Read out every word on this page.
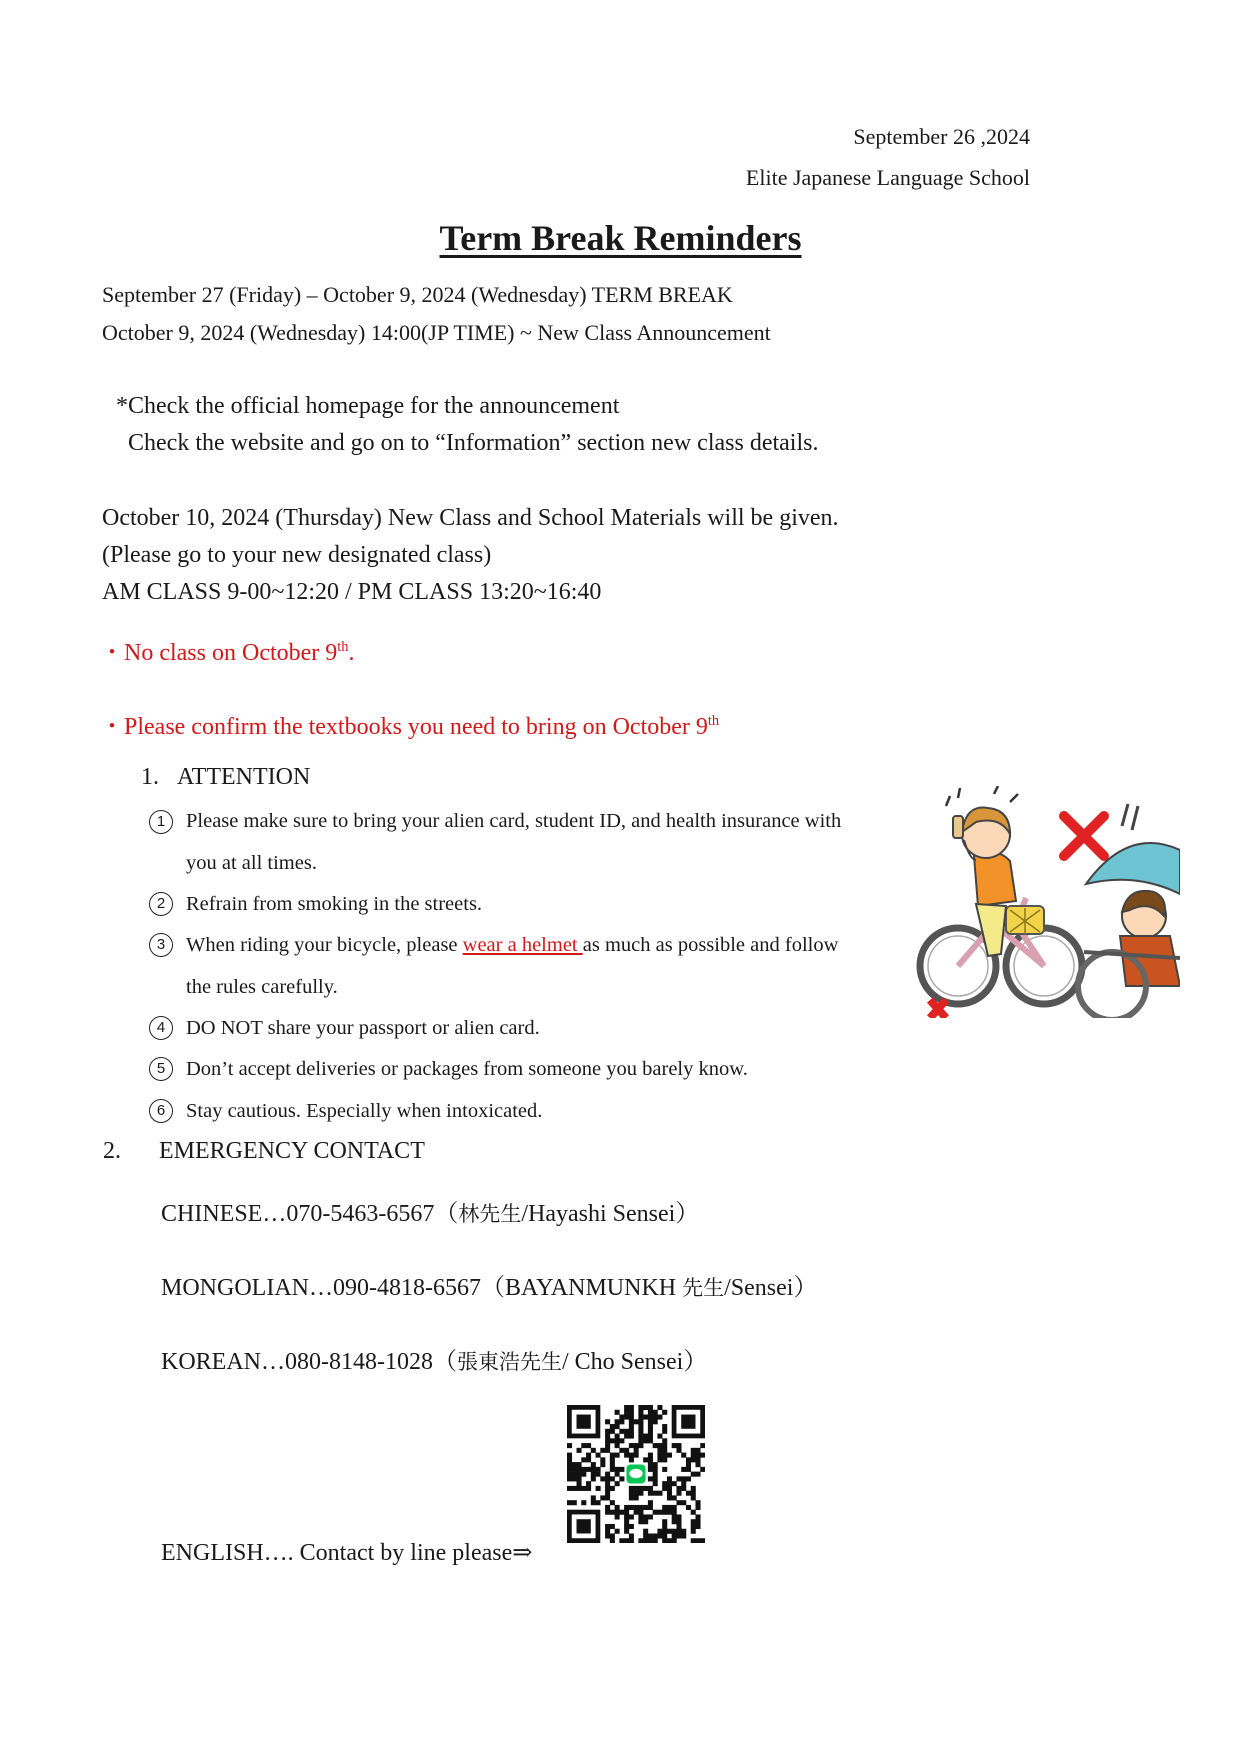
September 26 ,2024
Elite Japanese Language School
Term Break Reminders
September 27 (Friday) – October 9, 2024 (Wednesday) TERM BREAK
October 9, 2024 (Wednesday) 14:00(JP TIME) ~ New Class Announcement
*Check the official homepage for the announcement
Check the website and go on to “Information” section new class details.
October 10, 2024 (Thursday) New Class and School Materials will be given.
(Please go to your new designated class)
AM CLASS 9-00~12:20 / PM CLASS 13:20~16:40
・No class on October 9th.
・Please confirm the textbooks you need to bring on October 9th
1. ATTENTION
1	Please make sure to bring your alien card, student ID, and health insurance with
you at all times.
2	Refrain from smoking in the streets.
3	When riding your bicycle, please wear a helmet as much as possible and follow
the rules carefully.
4	DO NOT share your passport or alien card.
5	Don’t accept deliveries or packages from someone you barely know.
6	Stay cautious. Especially when intoxicated.
2. EMERGENCY CONTACT
CHINESE…070-5463-6567（林先生/Hayashi Sensei）
MONGOLIAN…090-4818-6567（BAYANMUNKH 先生/Sensei）
KOREAN…080-8148-1028（張東浩先生/ Cho Sensei）
ENGLISH…. Contact by line please⇒
